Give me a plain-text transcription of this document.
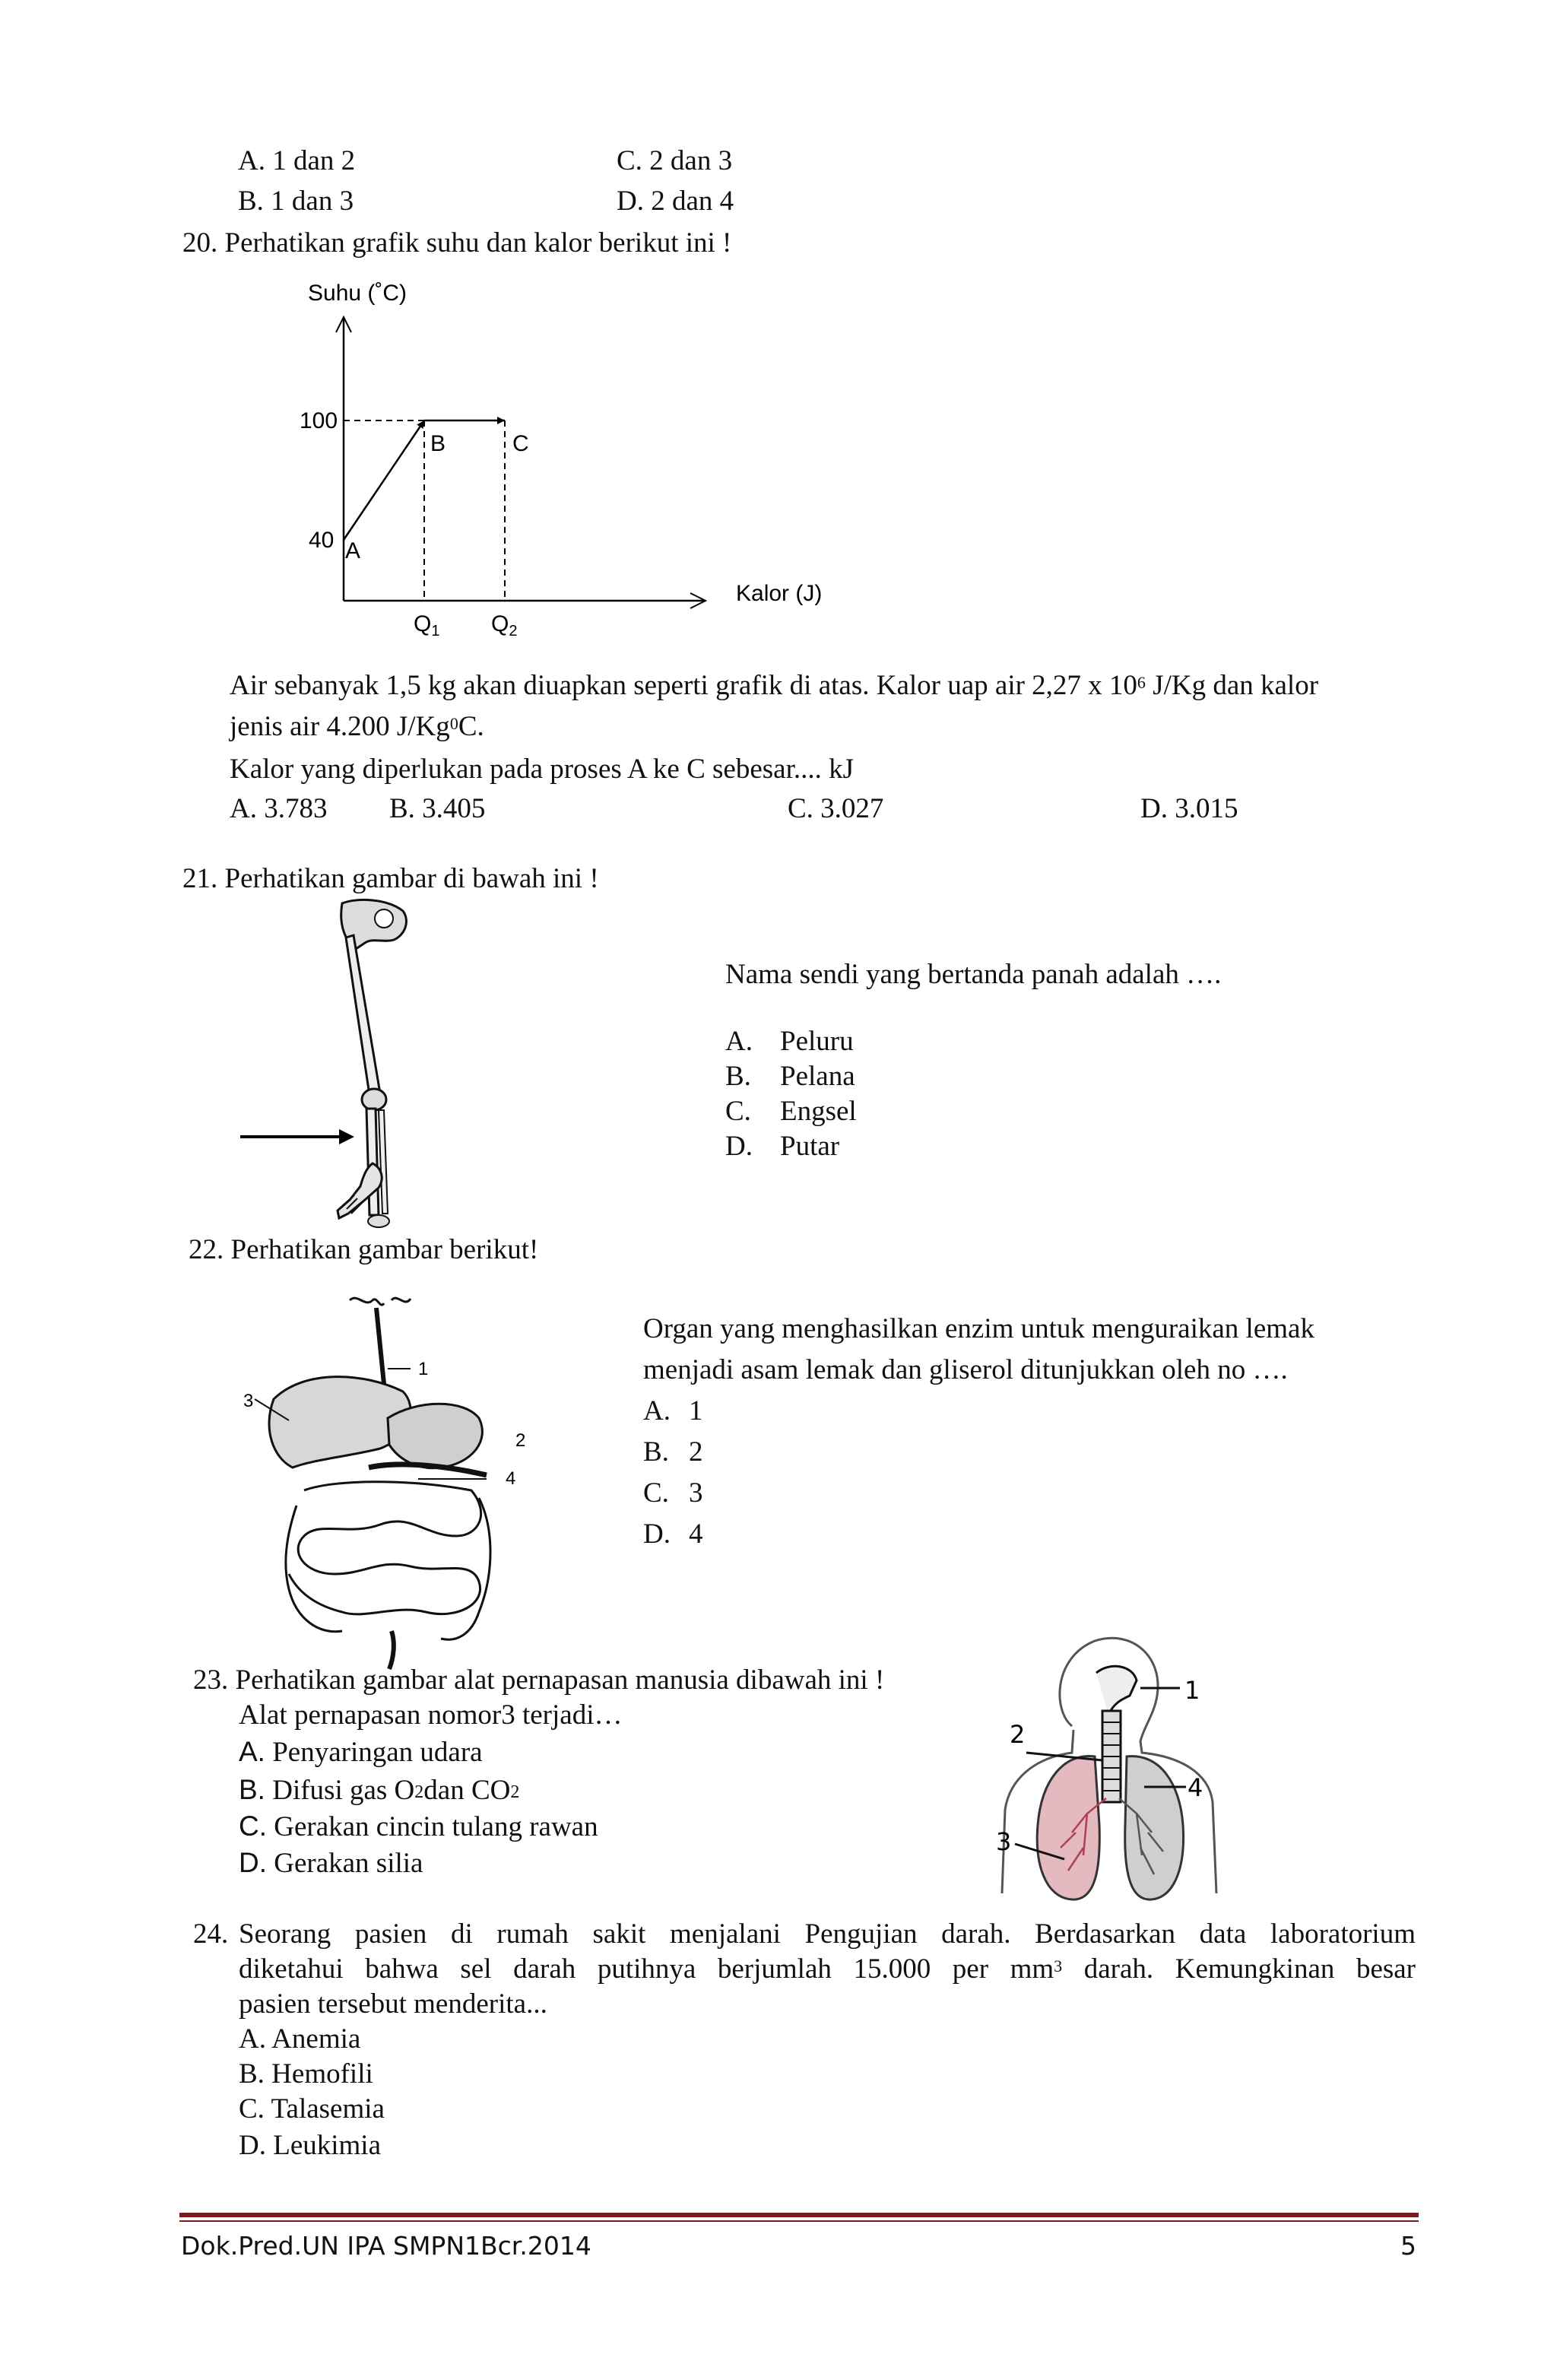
A. 1 dan 2	C. 2 dan 3
B. 1 dan 3	D. 2 dan 4
20. Perhatikan grafik suhu dan kalor berikut ini !
Suhu (˚C)
Kalor (J)
100
40 A
B	C
$Q_1$ $Q_2$
Air sebanyak 1,5 kg akan diuapkan seperti grafik di atas. Kalor uap air 2,27 x $10^6$ J/Kg dan kalor
jenis air 4.200 J/Kg$^0$C.
Kalor yang diperlukan pada proses A ke C sebesar.... kJ
A. 3.783 B. 3.405	C. 3.027	D. 3.015
21. Perhatikan gambar di bawah ini !
Nama sendi yang bertanda panah adalah ….
A. Peluru
B. Pelana
C. Engsel
D. Putar
22. Perhatikan gambar berikut!
1
3
2
4
Organ yang menghasilkan enzim untuk menguraikan lemak
menjadi asam lemak dan gliserol ditunjukkan oleh no ….
A. 1
B. 2
C. 3
D. 4
23. Perhatikan gambar alat pernapasan manusia dibawah ini !
Alat pernapasan nomor3 terjadi…
A. Penyaringan udara
B. Difusi gas $O_2dan$ $CO_2$
C. Gerakan cincin tulang rawan
D. Gerakan silia
1
2
3
4
24. Seorang pasien di rumah sakit menjalani Pengujian darah. Berdasarkan data laboratorium
diketahui bahwa sel darah putihnya berjumlah 15.000 per $mm^3$ darah. Kemungkinan besar
pasien tersebut menderita...
A. Anemia
B. Hemofili
C. Talasemia
D. Leukimia
Dok.Pred.UN IPA SMPN1Bcr.2014	5
